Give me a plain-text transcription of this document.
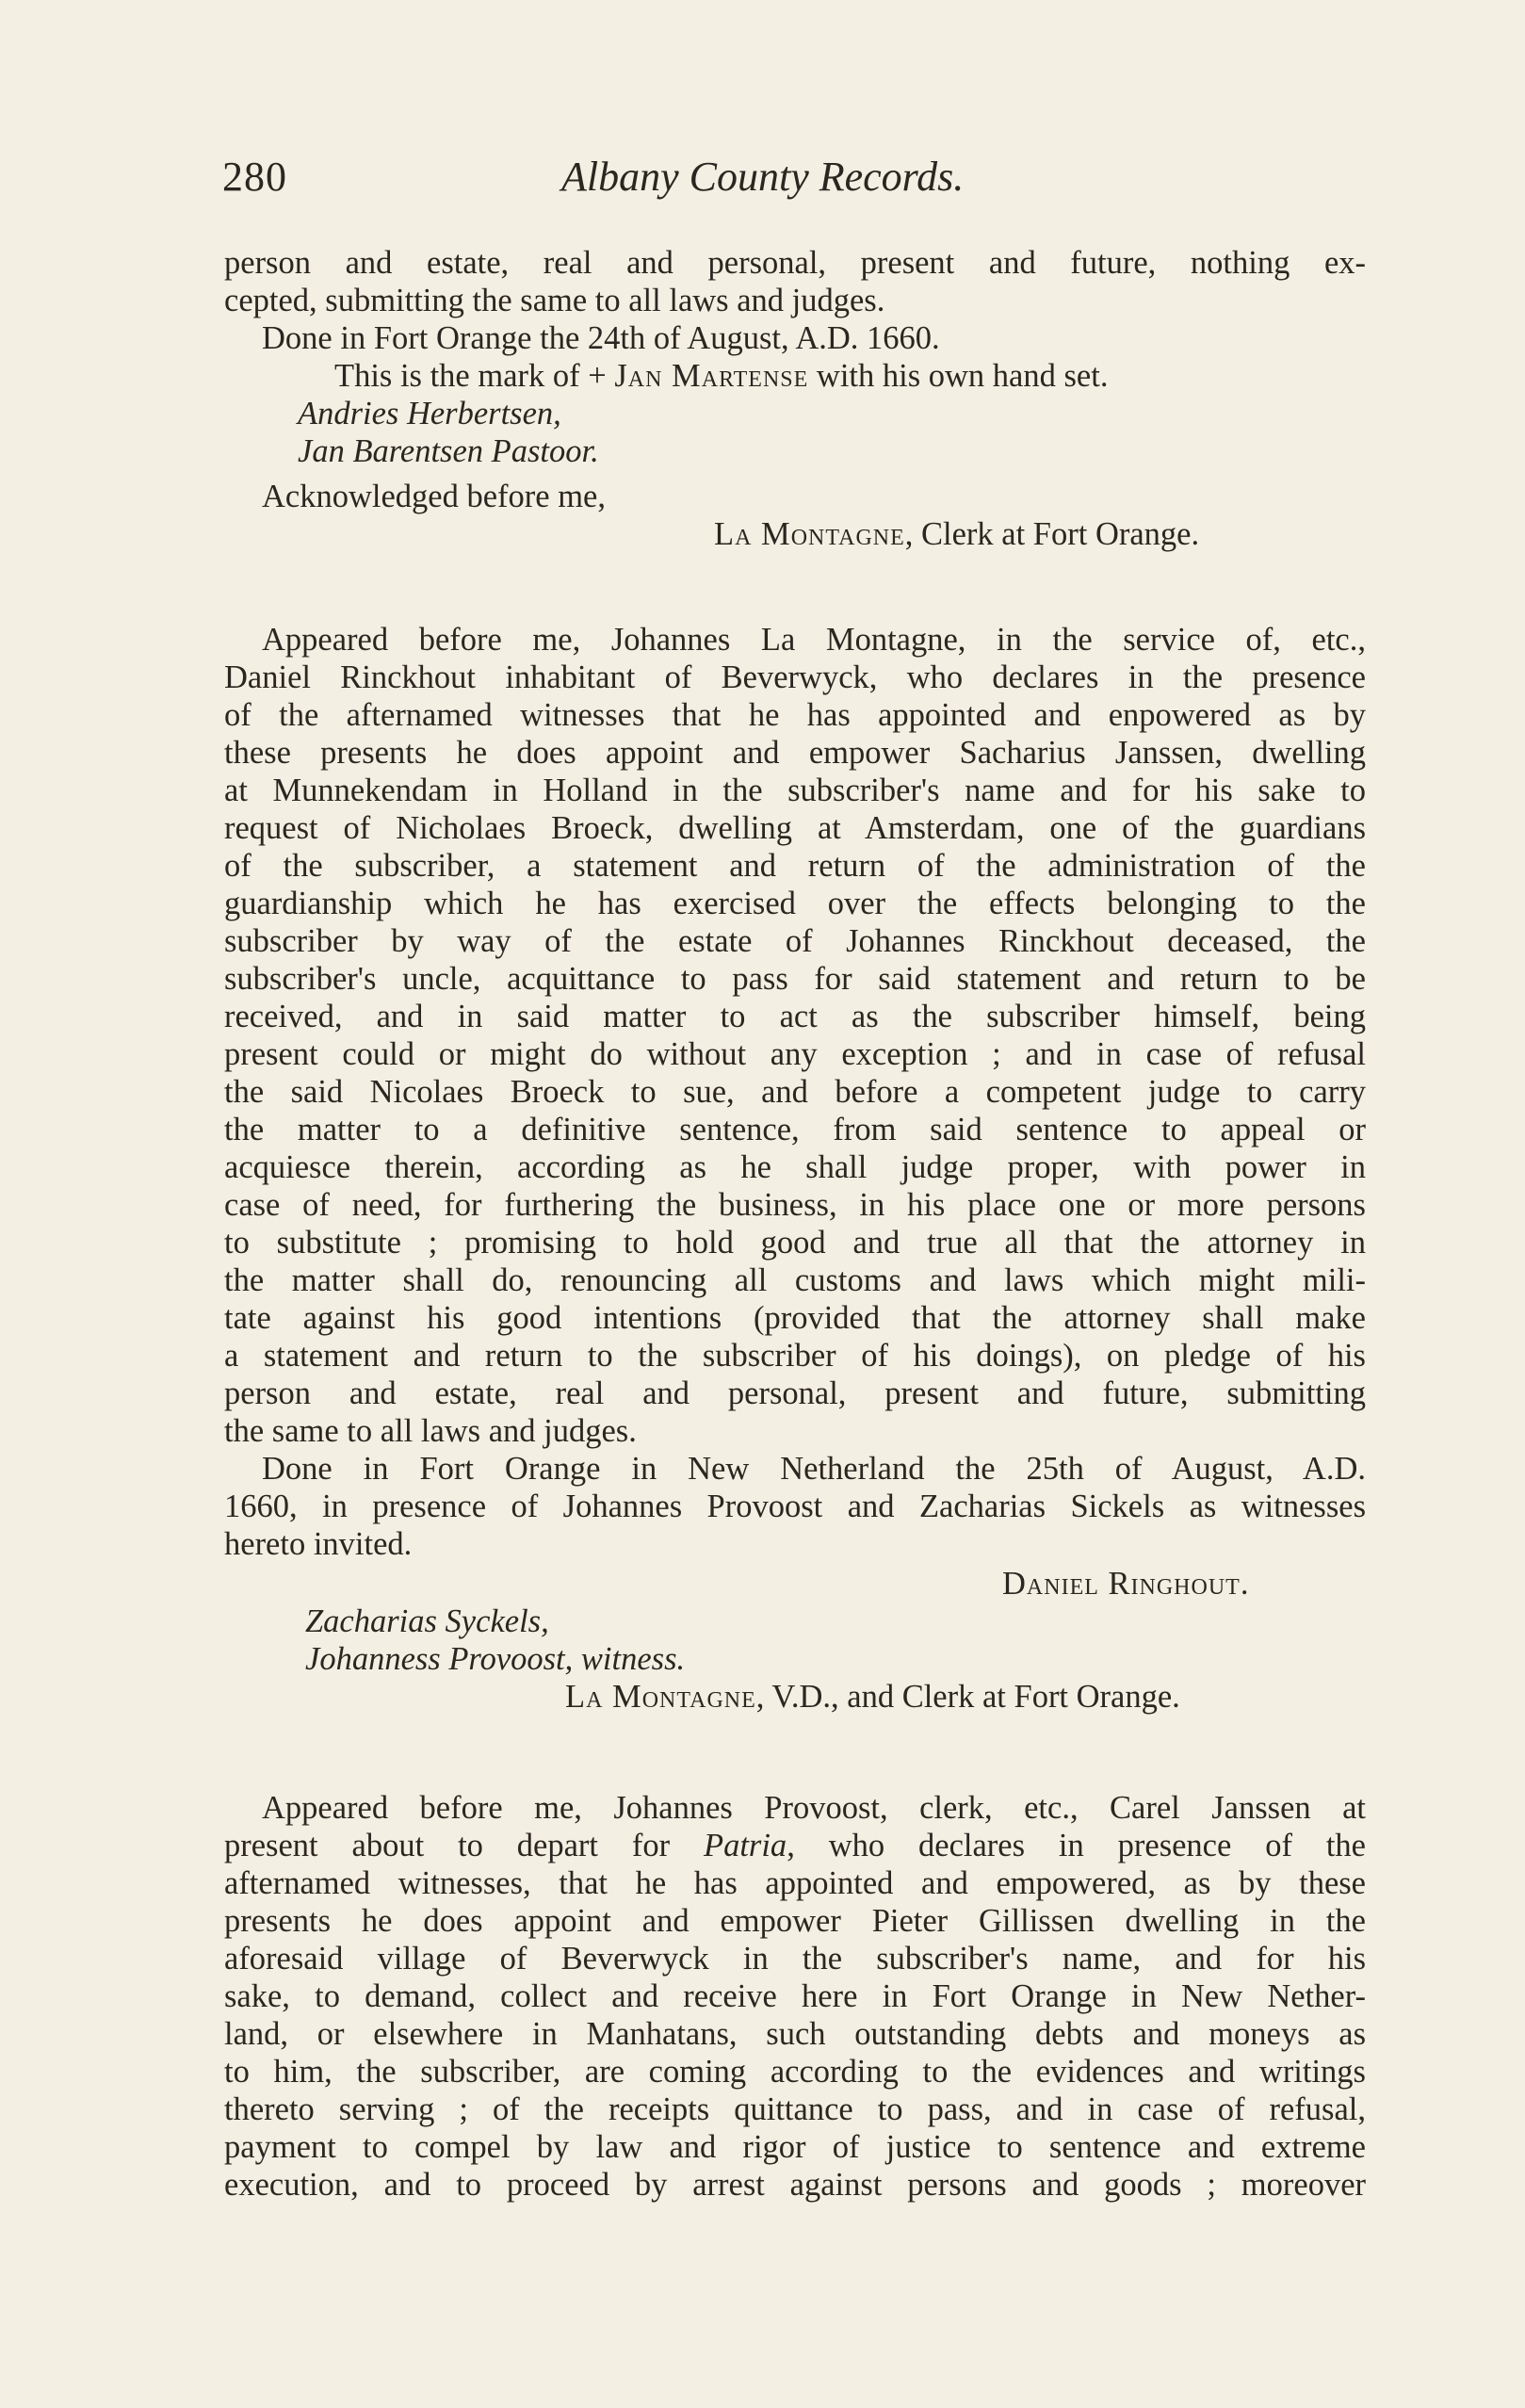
280	Albany County Records.
person and estate, real and personal, present and future, nothing ex-
cepted, submitting the same to all laws and judges.
Done in Fort Orange the 24th of August, A.D. 1660.
This is the mark of + Jan Martense with his own hand set.
Andries Herbertsen,
Jan Barentsen Pastoor.
Acknowledged before me,
La Montagne, Clerk at Fort Orange.
Appeared before me, Johannes La Montagne, in the service of, etc.,
Daniel Rinckhout inhabitant of Beverwyck, who declares in the presence
of the afternamed witnesses that he has appointed and enpowered as by
these presents he does appoint and empower Sacharius Janssen, dwelling
at Munnekendam in Holland in the subscriber's name and for his sake to
request of Nicholaes Broeck, dwelling at Amsterdam, one of the guardians
of the subscriber, a statement and return of the administration of the
guardianship which he has exercised over the effects belonging to the
subscriber by way of the estate of Johannes Rinckhout deceased, the
subscriber's uncle, acquittance to pass for said statement and return to be
received, and in said matter to act as the subscriber himself, being
present could or might do without any exception ; and in case of refusal
the said Nicolaes Broeck to sue, and before a competent judge to carry
the matter to a definitive sentence, from said sentence to appeal or
acquiesce therein, according as he shall judge proper, with power in
case of need, for furthering the business, in his place one or more persons
to substitute ; promising to hold good and true all that the attorney in
the matter shall do, renouncing all customs and laws which might mili-
tate against his good intentions (provided that the attorney shall make
a statement and return to the subscriber of his doings), on pledge of his
person and estate, real and personal, present and future, submitting
the same to all laws and judges.
Done in Fort Orange in New Netherland the 25th of August, A.D.
1660, in presence of Johannes Provoost and Zacharias Sickels as witnesses
hereto invited.
Daniel Ringhout.
Zacharias Syckels,
Johanness Provoost, witness.
La Montagne, V.D., and Clerk at Fort Orange.
Appeared before me, Johannes Provoost, clerk, etc., Carel Janssen at
present about to depart for Patria, who declares in presence of the
afternamed witnesses, that he has appointed and empowered, as by these
presents he does appoint and empower Pieter Gillissen dwelling in the
aforesaid village of Beverwyck in the subscriber's name, and for his
sake, to demand, collect and receive here in Fort Orange in New Nether-
land, or elsewhere in Manhatans, such outstanding debts and moneys as
to him, the subscriber, are coming according to the evidences and writings
thereto serving ; of the receipts quittance to pass, and in case of refusal,
payment to compel by law and rigor of justice to sentence and extreme
execution, and to proceed by arrest against persons and goods ; moreover
